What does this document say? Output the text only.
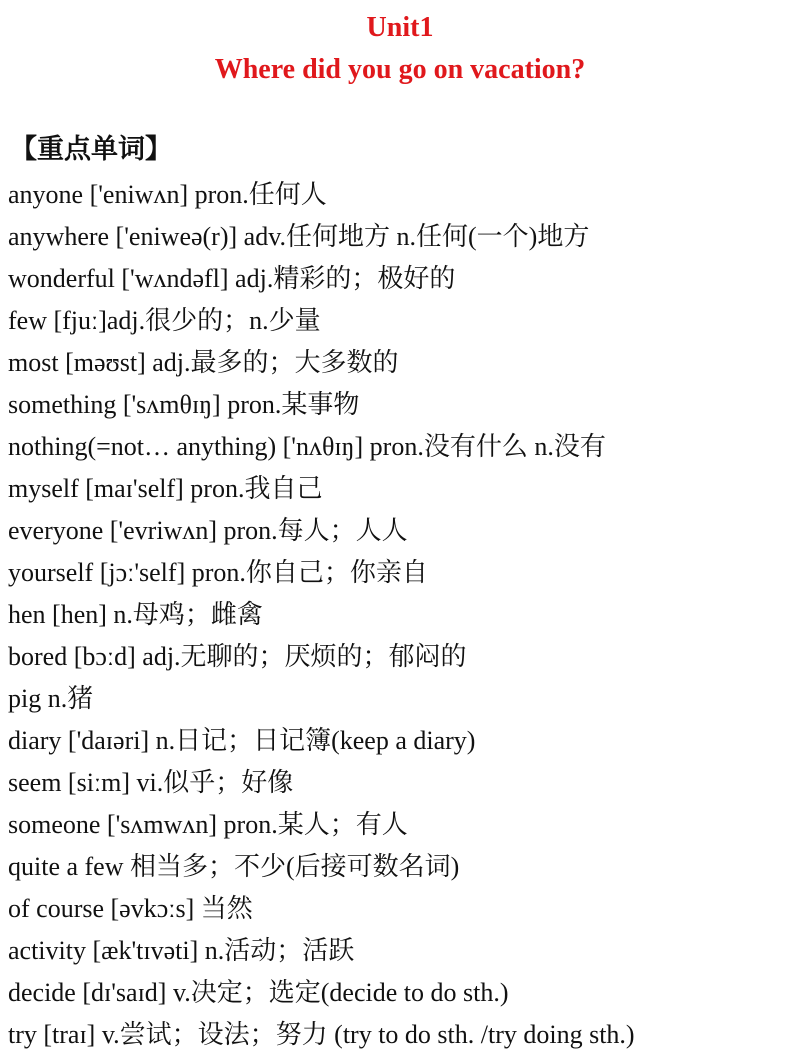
Unit1
Where did you go on vacation?
【重点单词】
anyone ['eniwʌn] pron.任何人
anywhere ['eniweə(r)] adv.任何地方 n.任何(一个)地方
wonderful ['wʌndəfl] adj.精彩的；极好的
few [fjuː]adj.很少的；n.少量
most [məʊst] adj.最多的；大多数的
something ['sʌmθɪŋ] pron.某事物
nothing(=not… anything) ['nʌθɪŋ] pron.没有什么 n.没有
myself [maɪ'self] pron.我自己
everyone ['evriwʌn] pron.每人；人人
yourself [jɔː'self] pron.你自己；你亲自
hen [hen] n.母鸡；雌禽
bored [bɔːd] adj.无聊的；厌烦的；郁闷的
pig n.猪
diary ['daɪəri] n.日记；日记簿(keep a diary)
seem [siːm] vi.似乎；好像
someone ['sʌmwʌn] pron.某人；有人
quite a few 相当多；不少(后接可数名词)
of course [əvkɔːs] 当然
activity [æk'tɪvəti] n.活动；活跃
decide [dɪ'saɪd] v.决定；选定(decide to do sth.)
try [traɪ] v.尝试；设法；努力 (try to do sth. /try doing sth.)
